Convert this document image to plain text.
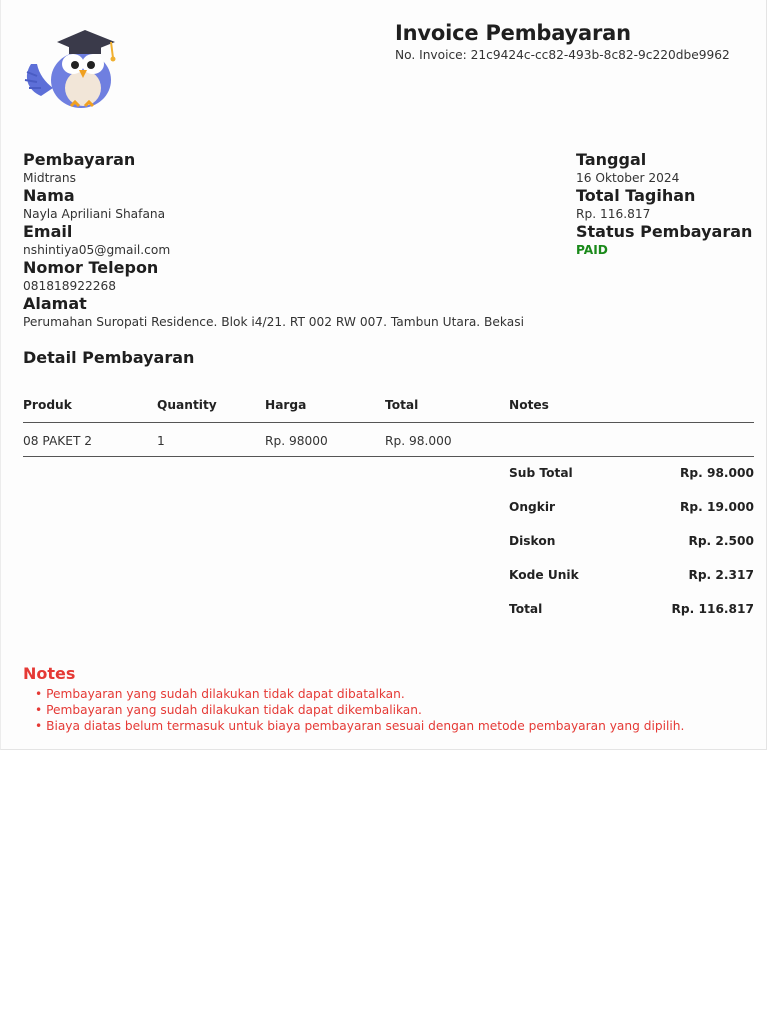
Invoice Pembayaran
No. Invoice: 21c9424c-cc82-493b-8c82-9c220dbe9962
Pembayaran
Midtrans
Nama
Nayla Apriliani Shafana
Email
nshintiya05@gmail.com
Nomor Telepon
081818922268
Alamat
Perumahan Suropati Residence. Blok i4/21. RT 002 RW 007. Tambun Utara. Bekasi
Tanggal
16 Oktober 2024
Total Tagihan
Rp. 116.817
Status Pembayaran
PAID
Detail Pembayaran
Produk	Quantity	Harga	Total	Notes
08 PAKET 2	1	Rp. 98000	Rp. 98.000
Sub Total	Rp. 98.000
Ongkir	Rp. 19.000
Diskon	Rp. 2.500
Kode Unik	Rp. 2.317
Total	Rp. 116.817
Notes
• Pembayaran yang sudah dilakukan tidak dapat dibatalkan.
• Pembayaran yang sudah dilakukan tidak dapat dikembalikan.
• Biaya diatas belum termasuk untuk biaya pembayaran sesuai dengan metode pembayaran yang dipilih.
